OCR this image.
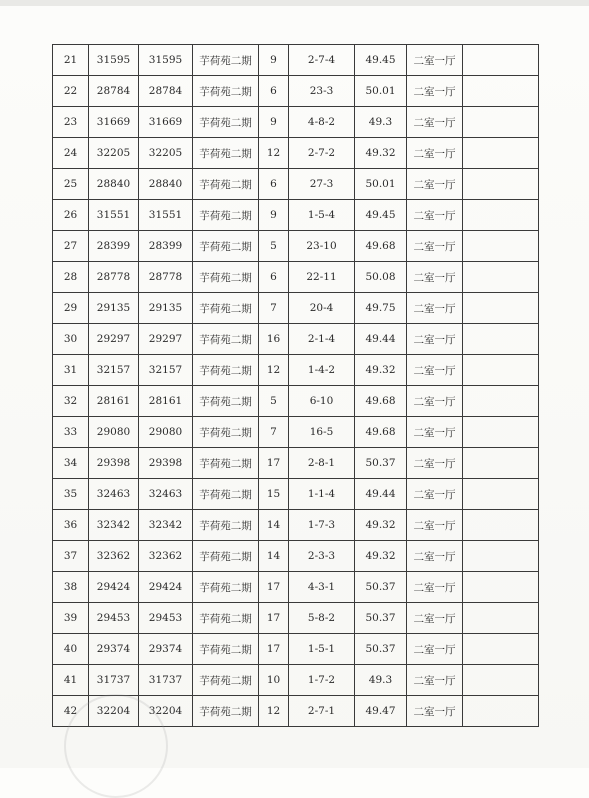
21	31595	31595	芋荷苑二期	9	2-7-4	49.45	二室一厅	
22	28784	28784	芋荷苑二期	6	23-3	50.01	二室一厅	
23	31669	31669	芋荷苑二期	9	4-8-2	49.3	二室一厅	
24	32205	32205	芋荷苑二期	12	2-7-2	49.32	二室一厅	
25	28840	28840	芋荷苑二期	6	27-3	50.01	二室一厅	
26	31551	31551	芋荷苑二期	9	1-5-4	49.45	二室一厅	
27	28399	28399	芋荷苑二期	5	23-10	49.68	二室一厅	
28	28778	28778	芋荷苑二期	6	22-11	50.08	二室一厅	
29	29135	29135	芋荷苑二期	7	20-4	49.75	二室一厅	
30	29297	29297	芋荷苑二期	16	2-1-4	49.44	二室一厅	
31	32157	32157	芋荷苑二期	12	1-4-2	49.32	二室一厅	
32	28161	28161	芋荷苑二期	5	6-10	49.68	二室一厅	
33	29080	29080	芋荷苑二期	7	16-5	49.68	二室一厅	
34	29398	29398	芋荷苑二期	17	2-8-1	50.37	二室一厅	
35	32463	32463	芋荷苑二期	15	1-1-4	49.44	二室一厅	
36	32342	32342	芋荷苑二期	14	1-7-3	49.32	二室一厅	
37	32362	32362	芋荷苑二期	14	2-3-3	49.32	二室一厅	
38	29424	29424	芋荷苑二期	17	4-3-1	50.37	二室一厅	
39	29453	29453	芋荷苑二期	17	5-8-2	50.37	二室一厅	
40	29374	29374	芋荷苑二期	17	1-5-1	50.37	二室一厅	
41	31737	31737	芋荷苑二期	10	1-7-2	49.3	二室一厅	
42	32204	32204	芋荷苑二期	12	2-7-1	49.47	二室一厅	
